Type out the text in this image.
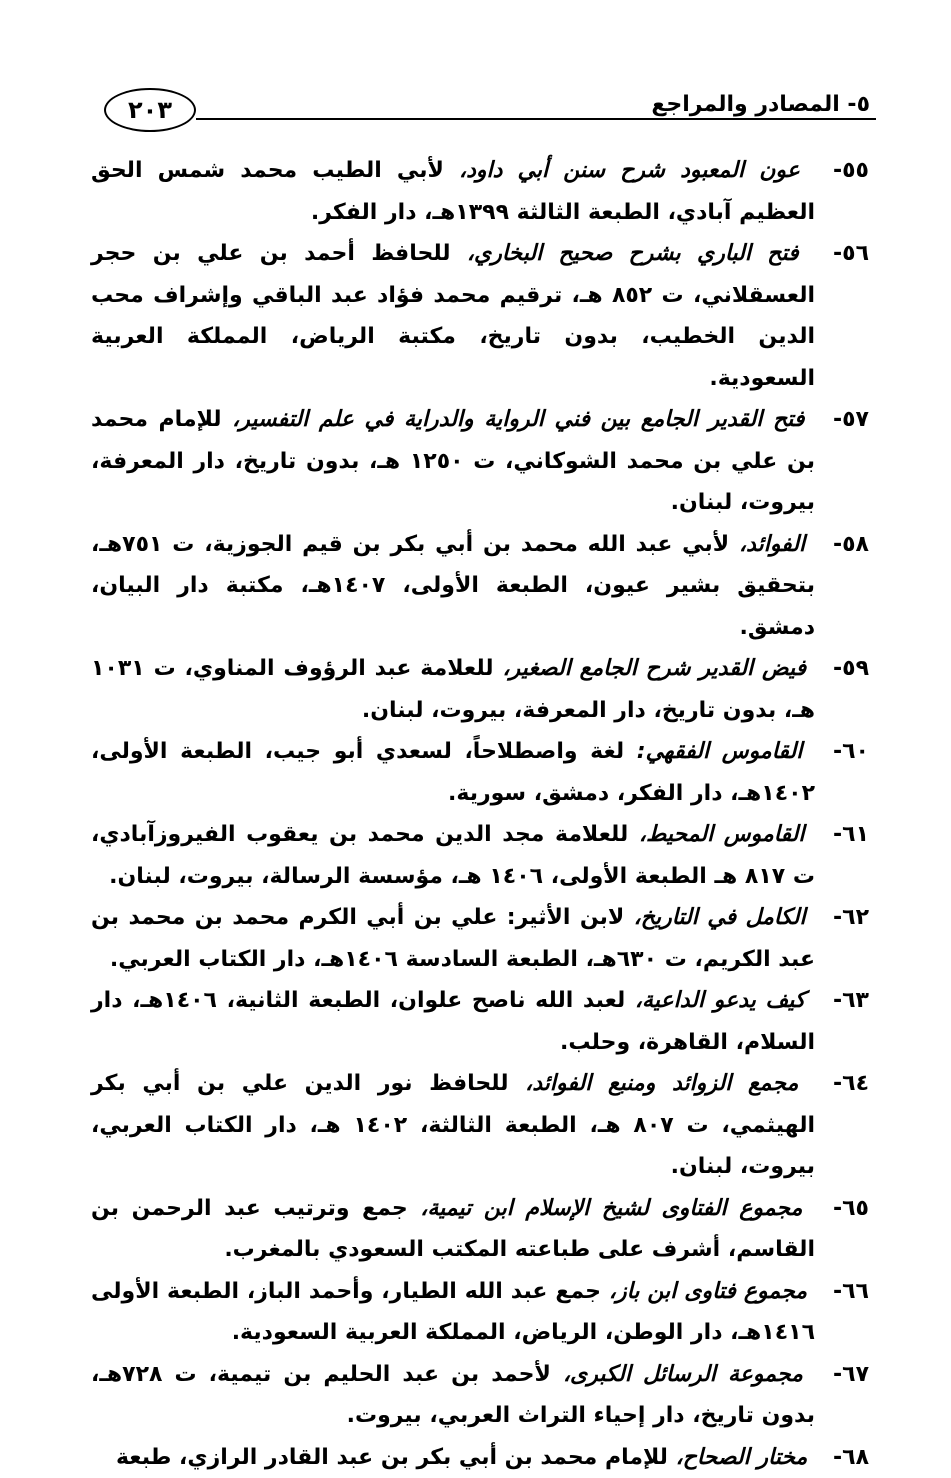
٢٠٣	٥- المصادر والمراجع
٥٥- عون المعبود شرح سنن أبي داود، لأبي الطيب محمد شمس الحق العظيم آبادي، الطبعة الثالثة ١٣٩٩هـ، دار الفكر.
٥٦- فتح الباري بشرح صحيح البخاري، للحافظ أحمد بن علي بن حجر العسقلاني، ت ٨٥٢ هـ، ترقيم محمد فؤاد عبد الباقي وإشراف محب الدين الخطيب، بدون تاريخ، مكتبة الرياض، المملكة العربية السعودية.
٥٧- فتح القدير الجامع بين فني الرواية والدراية في علم التفسير، للإمام محمد بن علي بن محمد الشوكاني، ت ١٢٥٠ هـ، بدون تاريخ، دار المعرفة، بيروت، لبنان.
٥٨- الفوائد، لأبي عبد الله محمد بن أبي بكر بن قيم الجوزية، ت ٧٥١هـ، بتحقيق بشير عيون، الطبعة الأولى، ١٤٠٧هـ، مكتبة دار البيان، دمشق.
٥٩- فيض القدير شرح الجامع الصغير، للعلامة عبد الرؤوف المناوي، ت ١٠٣١ هـ، بدون تاريخ، دار المعرفة، بيروت، لبنان.
٦٠- القاموس الفقهي: لغة واصطلاحاً، لسعدي أبو جيب، الطبعة الأولى، ١٤٠٢هـ، دار الفكر، دمشق، سورية.
٦١- القاموس المحيط، للعلامة مجد الدين محمد بن يعقوب الفيروزآبادي، ت ٨١٧ هـ الطبعة الأولى، ١٤٠٦ هـ، مؤسسة الرسالة، بيروت، لبنان.
٦٢- الكامل في التاريخ، لابن الأثير: علي بن أبي الكرم محمد بن محمد بن عبد الكريم، ت ٦٣٠هـ، الطبعة السادسة ١٤٠٦هـ، دار الكتاب العربي.
٦٣- كيف يدعو الداعية، لعبد الله ناصح علوان، الطبعة الثانية، ١٤٠٦هـ، دار السلام، القاهرة، وحلب.
٦٤- مجمع الزوائد ومنبع الفوائد، للحافظ نور الدين علي بن أبي بكر الهيثمي، ت ٨٠٧ هـ، الطبعة الثالثة، ١٤٠٢ هـ، دار الكتاب العربي، بيروت، لبنان.
٦٥- مجموع الفتاوى لشيخ الإسلام ابن تيمية، جمع وترتيب عبد الرحمن بن القاسم، أشرف على طباعته المكتب السعودي بالمغرب.
٦٦- مجموع فتاوى ابن باز، جمع عبد الله الطيار، وأحمد الباز، الطبعة الأولى ١٤١٦هـ، دار الوطن، الرياض، المملكة العربية السعودية.
٦٧- مجموعة الرسائل الكبرى، لأحمد بن عبد الحليم بن تيمية، ت ٧٢٨هـ، بدون تاريخ، دار إحياء التراث العربي، بيروت.
٦٨- مختار الصحاح، للإمام محمد بن أبي بكر بن عبد القادر الرازي، طبعة
